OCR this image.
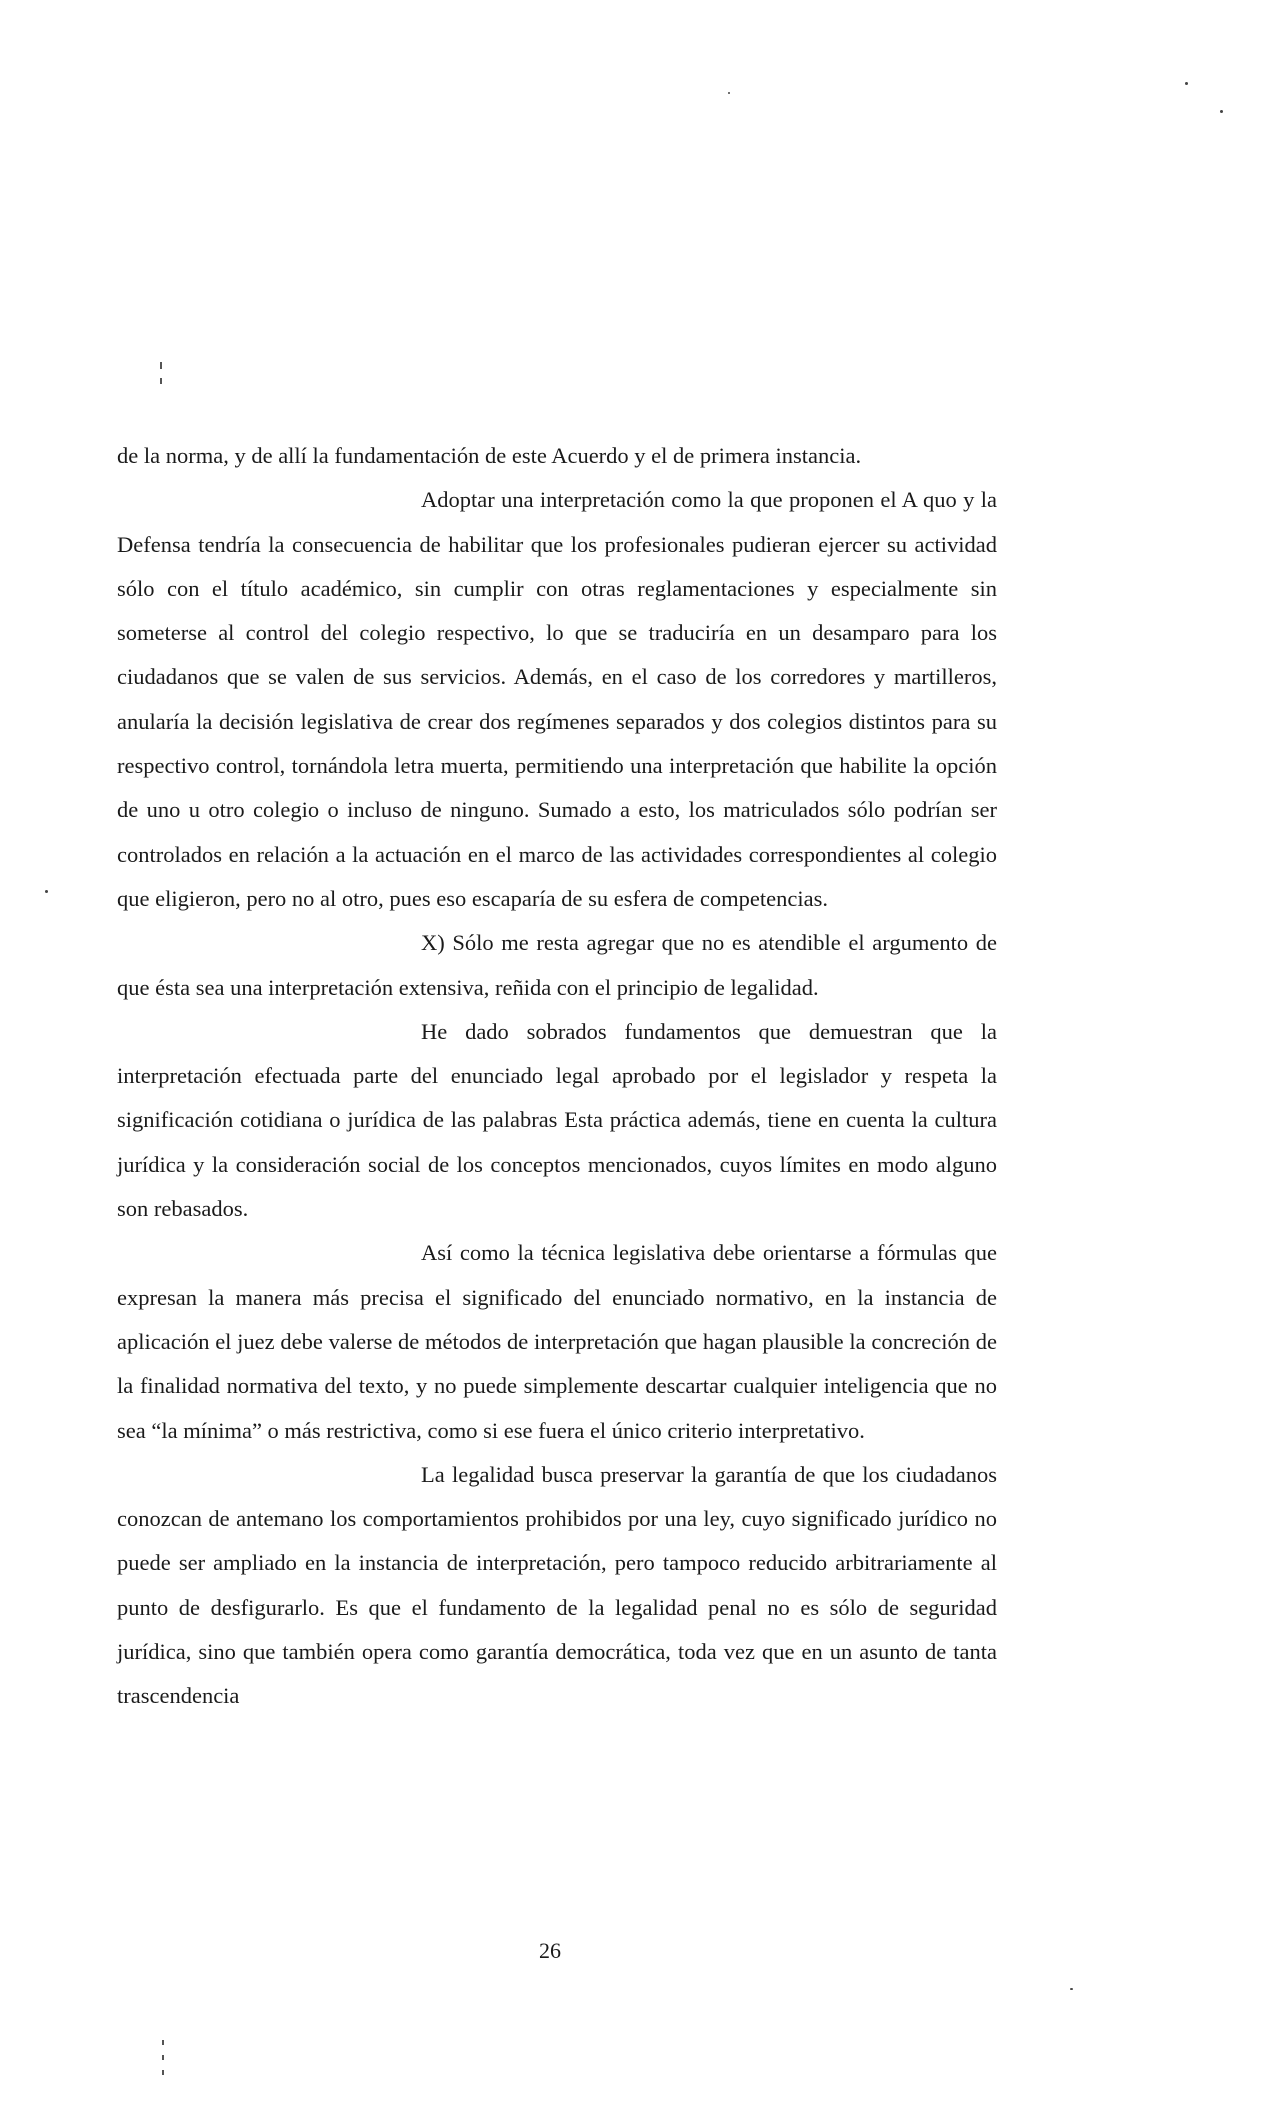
de la norma, y de allí la fundamentación de este Acuerdo y el de primera instancia.

Adoptar una interpretación como la que proponen el A quo y la Defensa tendría la consecuencia de habilitar que los profesionales pudieran ejercer su actividad sólo con el título académico, sin cumplir con otras reglamentaciones y especialmente sin someterse al control del colegio respectivo, lo que se traduciría en un desamparo para los ciudadanos que se valen de sus servicios. Además, en el caso de los corredores y martilleros, anularía la decisión legislativa de crear dos regímenes separados y dos colegios distintos para su respectivo control, tornándola letra muerta, permitiendo una interpretación que habilite la opción de uno u otro colegio o incluso de ninguno. Sumado a esto, los matriculados sólo podrían ser controlados en relación a la actuación en el marco de las actividades correspondientes al colegio que eligieron, pero no al otro, pues eso escaparía de su esfera de competencias.

X) Sólo me resta agregar que no es atendible el argumento de que ésta sea una interpretación extensiva, reñida con el principio de legalidad.

He dado sobrados fundamentos que demuestran que la interpretación efectuada parte del enunciado legal aprobado por el legislador y respeta la significación cotidiana o jurídica de las palabras Esta práctica además, tiene en cuenta la cultura jurídica y la consideración social de los conceptos mencionados, cuyos límites en modo alguno son rebasados.

Así como la técnica legislativa debe orientarse a fórmulas que expresan la manera más precisa el significado del enunciado normativo, en la instancia de aplicación el juez debe valerse de métodos de interpretación que hagan plausible la concreción de la finalidad normativa del texto, y no puede simplemente descartar cualquier inteligencia que no sea “la mínima” o más restrictiva, como si ese fuera el único criterio interpretativo.

La legalidad busca preservar la garantía de que los ciudadanos conozcan de antemano los comportamientos prohibidos por una ley, cuyo significado jurídico no puede ser ampliado en la instancia de interpretación, pero tampoco reducido arbitrariamente al punto de desfigurarlo. Es que el fundamento de la legalidad penal no es sólo de seguridad jurídica, sino que también opera como garantía democrática, toda vez que en un asunto de tanta trascendencia

26
